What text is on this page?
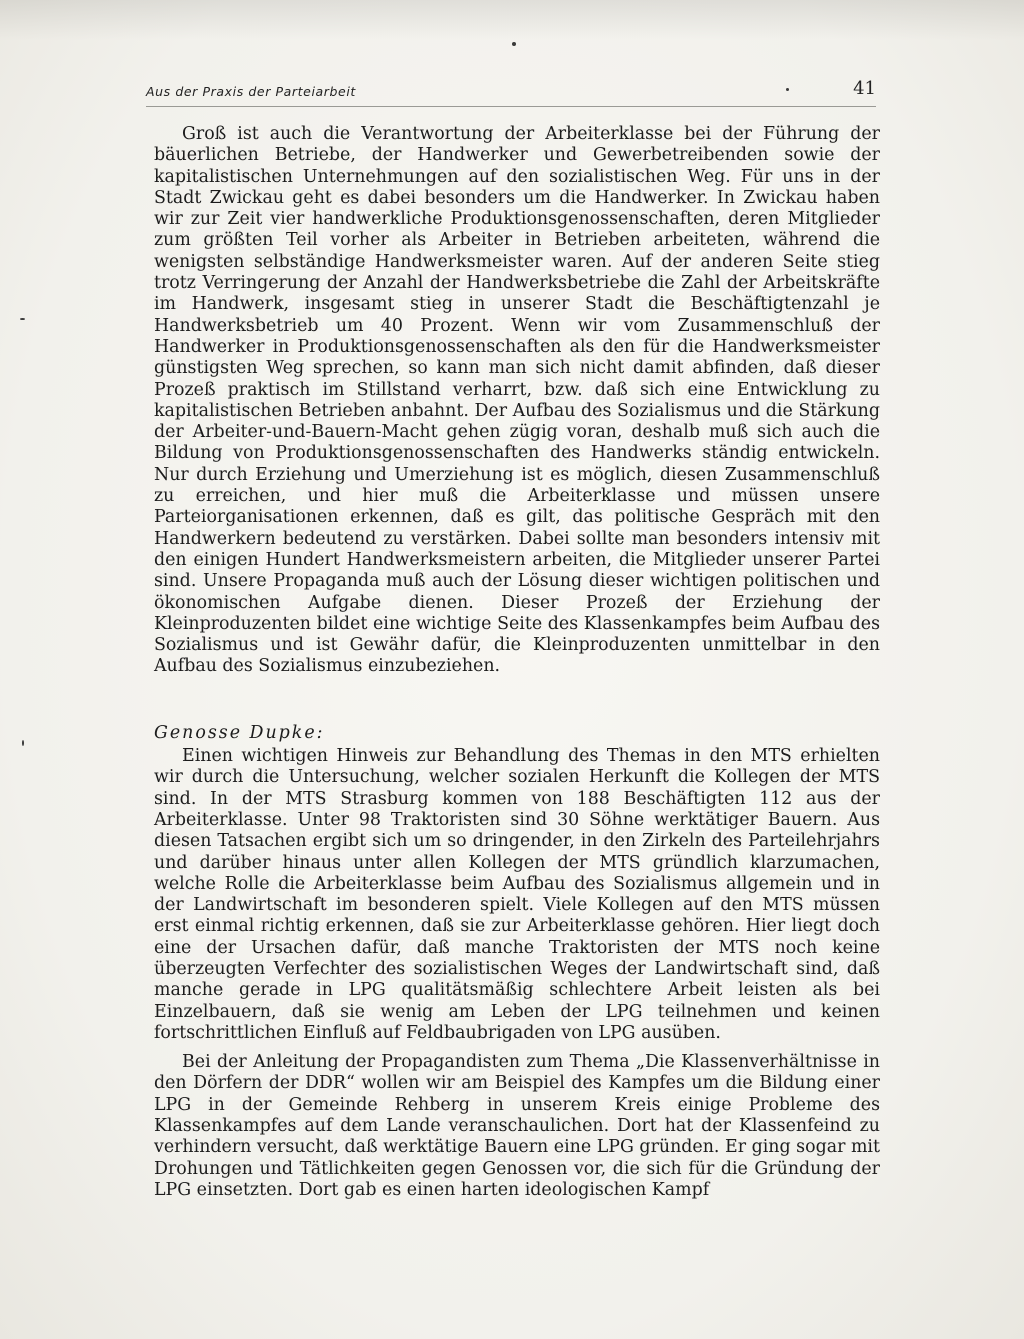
Aus der Praxis der Parteiarbeit	41

Groß ist auch die Verantwortung der Arbeiterklasse bei der Führung der bäuerlichen Betriebe, der Handwerker und Gewerbetreibenden sowie der kapitalistischen Unternehmungen auf den sozialistischen Weg. Für uns in der Stadt Zwickau geht es dabei besonders um die Handwerker. In Zwickau haben wir zur Zeit vier handwerkliche Produktionsgenossenschaften, deren Mitglieder zum größten Teil vorher als Arbeiter in Betrieben arbeiteten, während die wenigsten selbständige Handwerksmeister waren. Auf der anderen Seite stieg trotz Verringerung der Anzahl der Handwerksbetriebe die Zahl der Arbeitskräfte im Handwerk, insgesamt stieg in unserer Stadt die Beschäftigtenzahl je Handwerksbetrieb um 40 Prozent. Wenn wir vom Zusammenschluß der Handwerker in Produktionsgenossenschaften als den für die Handwerksmeister günstigsten Weg sprechen, so kann man sich nicht damit abfinden, daß dieser Prozeß praktisch im Stillstand verharrt, bzw. daß sich eine Entwicklung zu kapitalistischen Betrieben anbahnt. Der Aufbau des Sozialismus und die Stärkung der Arbeiter-und-Bauern-Macht gehen zügig voran, deshalb muß sich auch die Bildung von Produktionsgenossenschaften des Handwerks ständig entwickeln. Nur durch Erziehung und Umerziehung ist es möglich, diesen Zusammenschluß zu erreichen, und hier muß die Arbeiterklasse und müssen unsere Parteiorganisationen erkennen, daß es gilt, das politische Gespräch mit den Handwerkern bedeutend zu verstärken. Dabei sollte man besonders intensiv mit den einigen Hundert Handwerksmeistern arbeiten, die Mitglieder unserer Partei sind. Unsere Propaganda muß auch der Lösung dieser wichtigen politischen und ökonomischen Aufgabe dienen. Dieser Prozeß der Erziehung der Kleinproduzenten bildet eine wichtige Seite des Klassenkampfes beim Aufbau des Sozialismus und ist Gewähr dafür, die Kleinproduzenten unmittelbar in den Aufbau des Sozialismus einzubeziehen.

Genosse Dupke:

Einen wichtigen Hinweis zur Behandlung des Themas in den MTS erhielten wir durch die Untersuchung, welcher sozialen Herkunft die Kollegen der MTS sind. In der MTS Strasburg kommen von 188 Beschäftigten 112 aus der Arbeiterklasse. Unter 98 Traktoristen sind 30 Söhne werktätiger Bauern. Aus diesen Tatsachen ergibt sich um so dringender, in den Zirkeln des Parteilehrjahrs und darüber hinaus unter allen Kollegen der MTS gründlich klarzumachen, welche Rolle die Arbeiterklasse beim Aufbau des Sozialismus allgemein und in der Landwirtschaft im besonderen spielt. Viele Kollegen auf den MTS müssen erst einmal richtig erkennen, daß sie zur Arbeiterklasse gehören. Hier liegt doch eine der Ursachen dafür, daß manche Traktoristen der MTS noch keine überzeugten Verfechter des sozialistischen Weges der Landwirtschaft sind, daß manche gerade in LPG qualitätsmäßig schlechtere Arbeit leisten als bei Einzelbauern, daß sie wenig am Leben der LPG teilnehmen und keinen fortschrittlichen Einfluß auf Feldbaubrigaden von LPG ausüben.

Bei der Anleitung der Propagandisten zum Thema „Die Klassenverhältnisse in den Dörfern der DDR“ wollen wir am Beispiel des Kampfes um die Bildung einer LPG in der Gemeinde Rehberg in unserem Kreis einige Probleme des Klassenkampfes auf dem Lande veranschaulichen. Dort hat der Klassenfeind zu verhindern versucht, daß werktätige Bauern eine LPG gründen. Er ging sogar mit Drohungen und Tätlichkeiten gegen Genossen vor, die sich für die Gründung der LPG einsetzten. Dort gab es einen harten ideologischen Kampf
